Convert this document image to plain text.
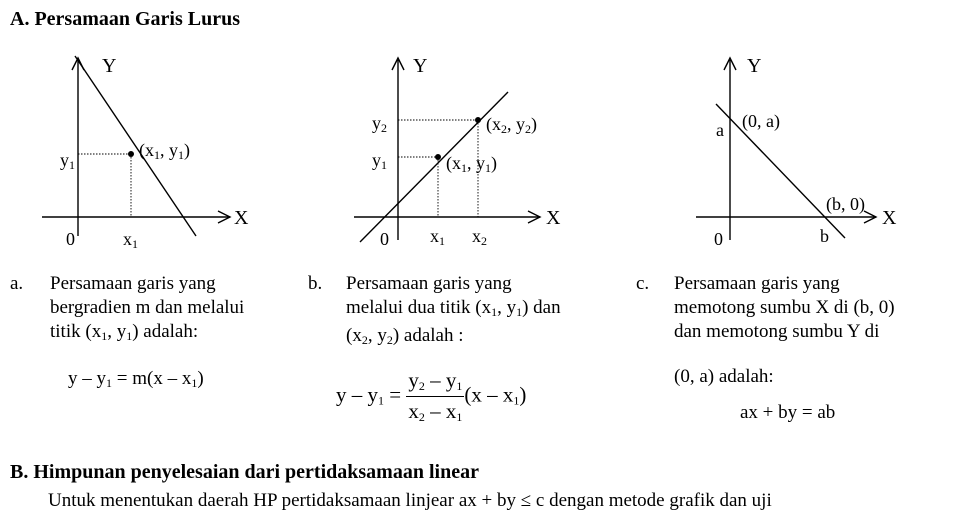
A. Persamaan Garis Lurus
Y
X
0
y1
x1
(x1, y1)
Y
X
0
y2
y1
x1 x2
(x1, y1)
(x2, y2)
Y
X
0
a
b
(0, a)
(b, 0)
a. Persamaan garis yang
bergradien m dan melalui
titik ($x_1$, $y_1$) adalah:
$y - y_1 = m(x - x_1)$
b. Persamaan garis yang
melalui dua titik ($x_1$, $y_1$) dan
($x_2$, $y_2$) adalah :
$y - y_1 = \frac{y_2 - y_1}{x_2 - x_1} (x - x_1)$
c. Persamaan garis yang
memotong sumbu X di (b, 0)
dan memotong sumbu Y di
(0, a) adalah:
ax + by = ab
B. Himpunan penyelesaian dari pertidaksamaan linear
Untuk menentukan daerah HP pertidaksamaan linjear ax + by ≤ c dengan metode grafik dan uji
